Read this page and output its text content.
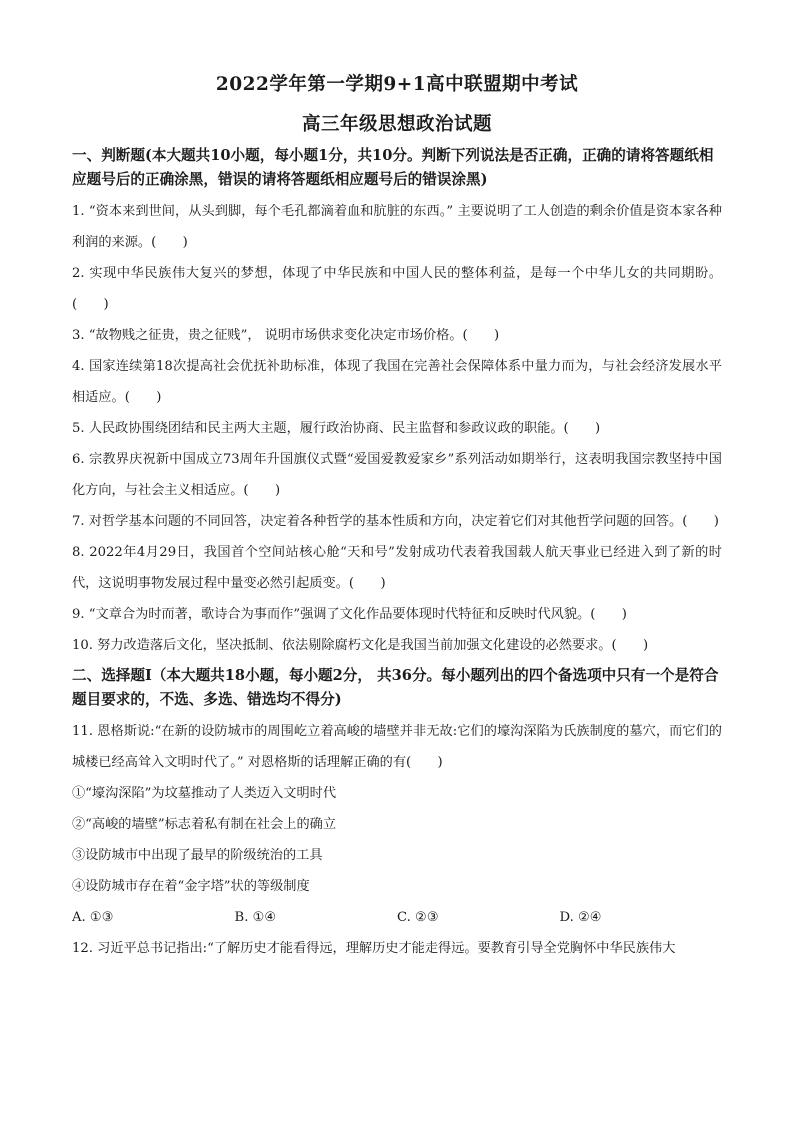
2022学年第一学期9+1高中联盟期中考试

高三年级思想政治试题

一、判断题(本大题共10小题，每小题1分，共10分。判断下列说法是否正确，正确的请将答题纸相应题号后的正确涂黑，错误的请将答题纸相应题号后的错误涂黑)

1. “资本来到世间，从头到脚，每个毛孔都滴着血和肮脏的东西。” 主要说明了工人创造的剩余价值是资本家各种利润的来源。(　　)

2. 实现中华民族伟大复兴的梦想，体现了中华民族和中国人民的整体利益，是每一个中华儿女的共同期盼。(　　)

3. “故物贱之征贵，贵之征贱”， 说明市场供求变化决定市场价格。(　　)

4. 国家连续第18次提高社会优抚补助标准，体现了我国在完善社会保障体系中量力而为，与社会经济发展水平相适应。(　　)

5. 人民政协围绕团结和民主两大主题，履行政治协商、民主监督和参政议政的职能。(　　)

6. 宗教界庆祝新中国成立73周年升国旗仪式暨“爱国爱教爱家乡”系列活动如期举行，这表明我国宗教坚持中国化方向，与社会主义相适应。(　　)

7. 对哲学基本问题的不同回答，决定着各种哲学的基本性质和方向，决定着它们对其他哲学问题的回答。(　　)

8. 2022年4月29日，我国首个空间站核心舱“天和号”发射成功代表着我国载人航天事业已经进入到了新的时代，这说明事物发展过程中量变必然引起质变。(　　)

9. “文章合为时而著，歌诗合为事而作”强调了文化作品要体现时代特征和反映时代风貌。(　　)

10. 努力改造落后文化，坚决抵制、依法剔除腐朽文化是我国当前加强文化建设的必然要求。(　　)

二、选择题Ⅰ（本大题共18小题，每小题2分， 共36分。每小题列出的四个备选项中只有一个是符合题目要求的，不选、多选、错选均不得分)

11. 恩格斯说:“在新的设防城市的周围屹立着高峻的墙壁并非无故:它们的壕沟深陷为氏族制度的墓穴，而它们的城楼已经高耸入文明时代了。” 对恩格斯的话理解正确的有(　　)

①“壕沟深陷”为坟墓推动了人类迈入文明时代

②“高峻的墙壁”标志着私有制在社会上的确立

③设防城市中出现了最早的阶级统治的工具

④设防城市存在着“金字塔”状的等级制度

A. ①③	B. ①④	C. ②③	D. ②④

12. 习近平总书记指出:“了解历史才能看得远，理解历史才能走得远。要教育引导全党胸怀中华民族伟大
